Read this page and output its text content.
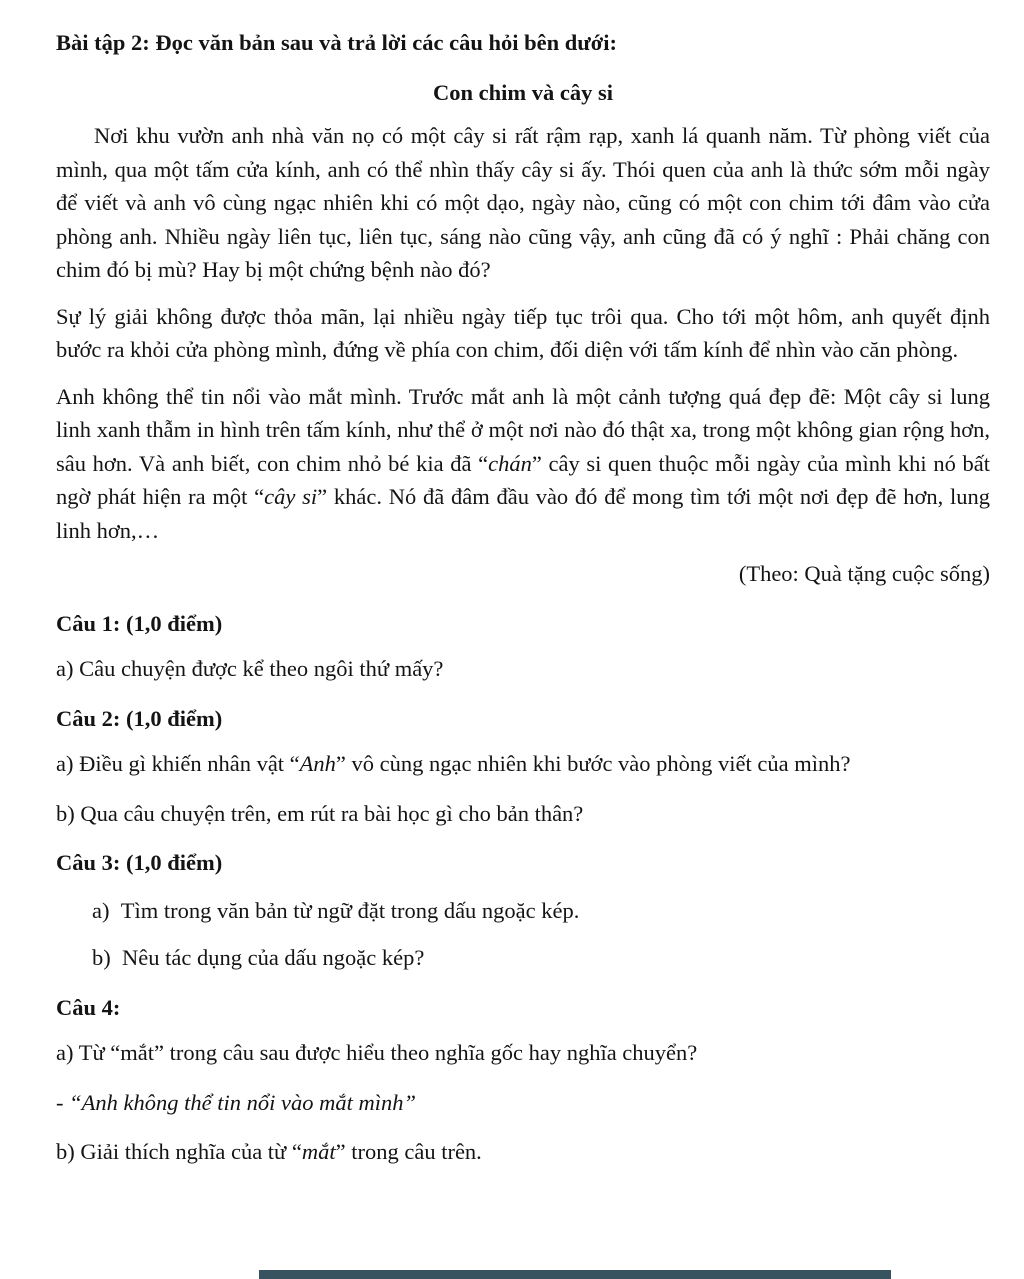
Bài tập 2: Đọc văn bản sau và trả lời các câu hỏi bên dưới:

Con chim và cây si

Nơi khu vườn anh nhà văn nọ có một cây si rất rậm rạp, xanh lá quanh năm. Từ phòng viết của mình, qua một tấm cửa kính, anh có thể nhìn thấy cây si ấy. Thói quen của anh là thức sớm mỗi ngày để viết và anh vô cùng ngạc nhiên khi có một dạo, ngày nào, cũng có một con chim tới đâm vào cửa phòng anh. Nhiều ngày liên tục, liên tục, sáng nào cũng vậy, anh cũng đã có ý nghĩ : Phải chăng con chim đó bị mù? Hay bị một chứng bệnh nào đó?

Sự lý giải không được thỏa mãn, lại nhiều ngày tiếp tục trôi qua. Cho tới một hôm, anh quyết định bước ra khỏi cửa phòng mình, đứng về phía con chim, đối diện với tấm kính để nhìn vào căn phòng.

Anh không thể tin nổi vào mắt mình. Trước mắt anh là một cảnh tượng quá đẹp đẽ: Một cây si lung linh xanh thẫm in hình trên tấm kính, như thể ở một nơi nào đó thật xa, trong một không gian rộng hơn, sâu hơn. Và anh biết, con chim nhỏ bé kia đã “chán” cây si quen thuộc mỗi ngày của mình khi nó bất ngờ phát hiện ra một “cây si” khác. Nó đã đâm đầu vào đó để mong tìm tới một nơi đẹp đẽ hơn, lung linh hơn,…

(Theo: Quà tặng cuộc sống)

Câu 1: (1,0 điểm)

a) Câu chuyện được kể theo ngôi thứ mấy?

Câu 2: (1,0 điểm)

a) Điều gì khiến nhân vật “Anh” vô cùng ngạc nhiên khi bước vào phòng viết của mình?

b) Qua câu chuyện trên, em rút ra bài học gì cho bản thân?

Câu 3: (1,0 điểm)

a)  Tìm trong văn bản từ ngữ đặt trong dấu ngoặc kép.

b)  Nêu tác dụng của dấu ngoặc kép?

Câu 4:

a) Từ “mắt” trong câu sau được hiểu theo nghĩa gốc hay nghĩa chuyển?

- “Anh không thể tin nổi vào mắt mình”

b) Giải thích nghĩa của từ “mắt” trong câu trên.
